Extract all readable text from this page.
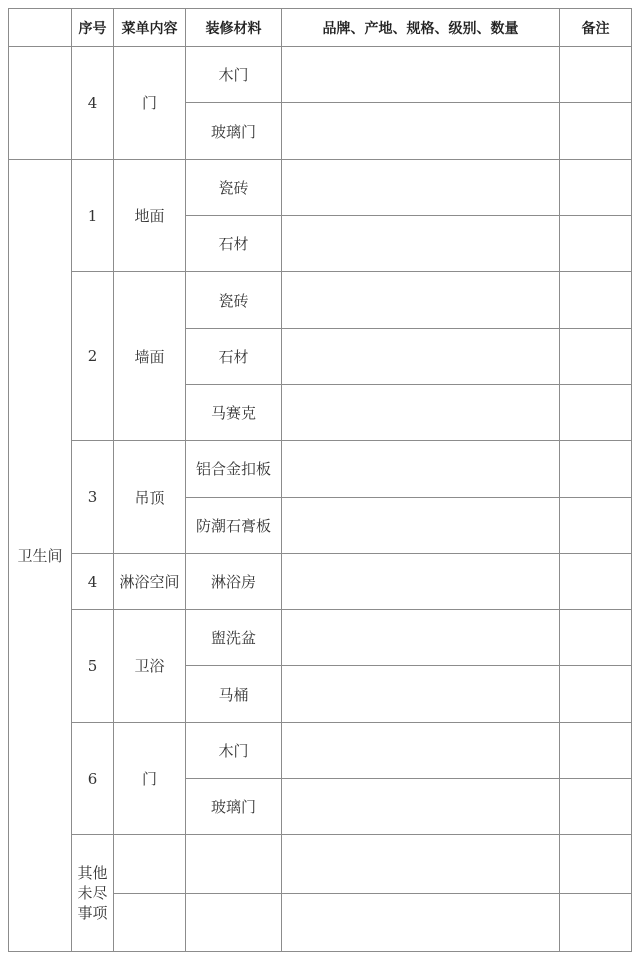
	序号	菜单内容	装修材料	品牌、产地、规格、级别、数量	备注	
	4	门	木门			
			玻璃门			
卫生间	1	地面	瓷砖			
			石材			
	2	墙面	瓷砖			
			石材			
			马赛克			
	3	吊顶	铝合金扣板			
			防潮石膏板			
	4	淋浴空间	淋浴房			
	5	卫浴	盥洗盆			
			马桶			
	6	门	木门			
			玻璃门			
	其他未尽事项					
